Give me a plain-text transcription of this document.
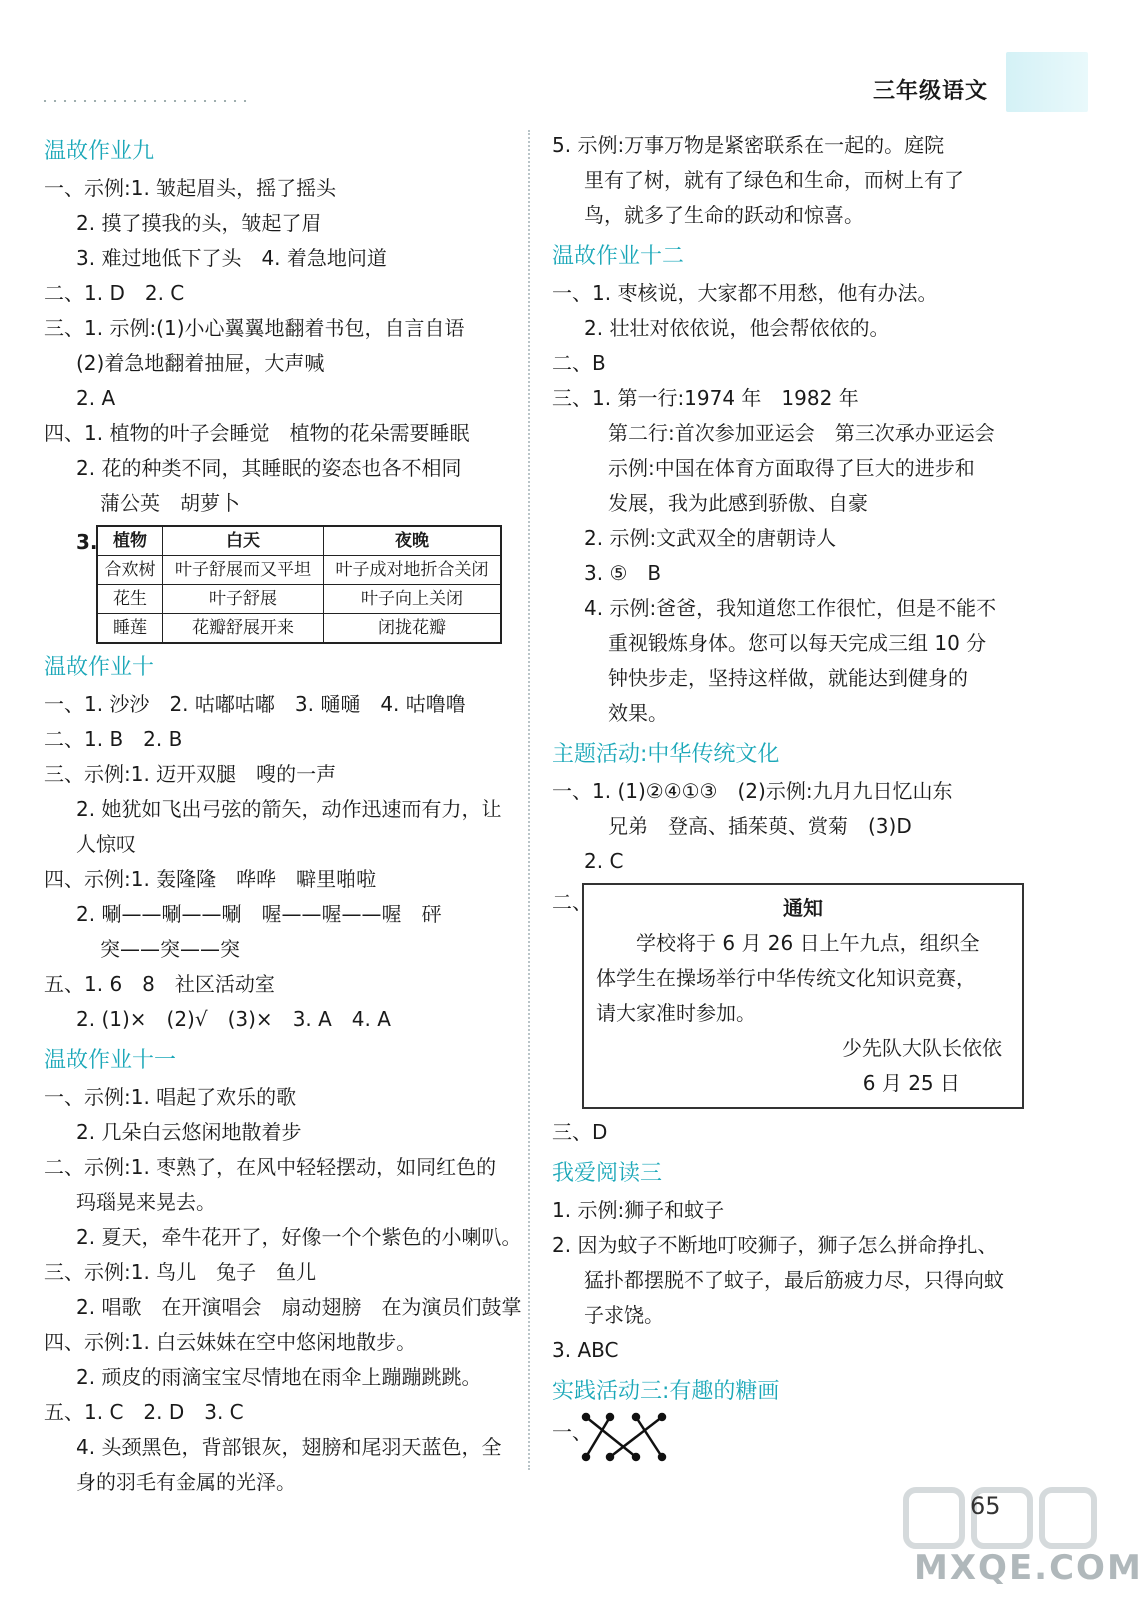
三年级语文
温故作业九
一、示例:1. 皱起眉头，摇了摇头
2. 摸了摸我的头，皱起了眉
3. 难过地低下了头　4. 着急地问道
二、1. D　2. C
三、1. 示例:(1)小心翼翼地翻着书包，自言自语
(2)着急地翻着抽屉，大声喊
2. A
四、1. 植物的叶子会睡觉　植物的花朵需要睡眠
2. 花的种类不同，其睡眠的姿态也各不相同
蒲公英　胡萝卜
3. 植物	白天	夜晚
合欢树	叶子舒展而又平坦	叶子成对地折合关闭
花生	叶子舒展	叶子向上关闭
睡莲	花瓣舒展开来	闭拢花瓣
温故作业十
一、1. 沙沙　2. 咕嘟咕嘟　3. 嗵嗵　4. 咕噜噜
二、1. B　2. B
三、示例:1. 迈开双腿　嗖的一声
2. 她犹如飞出弓弦的箭矢，动作迅速而有力，让
人惊叹
四、示例:1. 轰隆隆　哗哗　噼里啪啦
2. 唰——唰——唰　喔——喔——喔　砰
突——突——突
五、1. 6　8　社区活动室
2. (1)×　(2)√　(3)×　3. A　4. A
温故作业十一
一、示例:1. 唱起了欢乐的歌
2. 几朵白云悠闲地散着步
二、示例:1. 枣熟了，在风中轻轻摆动，如同红色的
玛瑙晃来晃去。
2. 夏天，牵牛花开了，好像一个个紫色的小喇叭。
三、示例:1. 鸟儿　兔子　鱼儿
2. 唱歌　在开演唱会　扇动翅膀　在为演员们鼓掌
四、示例:1. 白云妹妹在空中悠闲地散步。
2. 顽皮的雨滴宝宝尽情地在雨伞上蹦蹦跳跳。
五、1. C　2. D　3. C
4. 头颈黑色，背部银灰，翅膀和尾羽天蓝色，全
身的羽毛有金属的光泽。
5. 示例:万事万物是紧密联系在一起的。庭院
里有了树，就有了绿色和生命，而树上有了
鸟，就多了生命的跃动和惊喜。
温故作业十二
一、1. 枣核说，大家都不用愁，他有办法。
2. 壮壮对依依说，他会帮依依的。
二、B
三、1. 第一行:1974 年　1982 年
第二行:首次参加亚运会　第三次承办亚运会
示例:中国在体育方面取得了巨大的进步和
发展，我为此感到骄傲、自豪
2. 示例:文武双全的唐朝诗人
3. ⑤　B
4. 示例:爸爸，我知道您工作很忙，但是不能不
重视锻炼身体。您可以每天完成三组 10 分
钟快步走，坚持这样做，就能达到健身的
效果。
主题活动:中华传统文化
一、1. (1)②④①③　(2)示例:九月九日忆山东
兄弟　登高、插茱萸、赏菊　(3)D
2. C
二、	通知
学校将于 6 月 26 日上午九点，组织全
体学生在操场举行中华传统文化知识竞赛，
请大家准时参加。
少先队大队长依依
6 月 25 日
三、D
我爱阅读三
1. 示例:狮子和蚊子
2. 因为蚊子不断地叮咬狮子，狮子怎么拼命挣扎、
猛扑都摆脱不了蚊子，最后筋疲力尽，只得向蚊
子求饶。
3. ABC
实践活动三:有趣的糖画
一、
MXQE.COM
65
